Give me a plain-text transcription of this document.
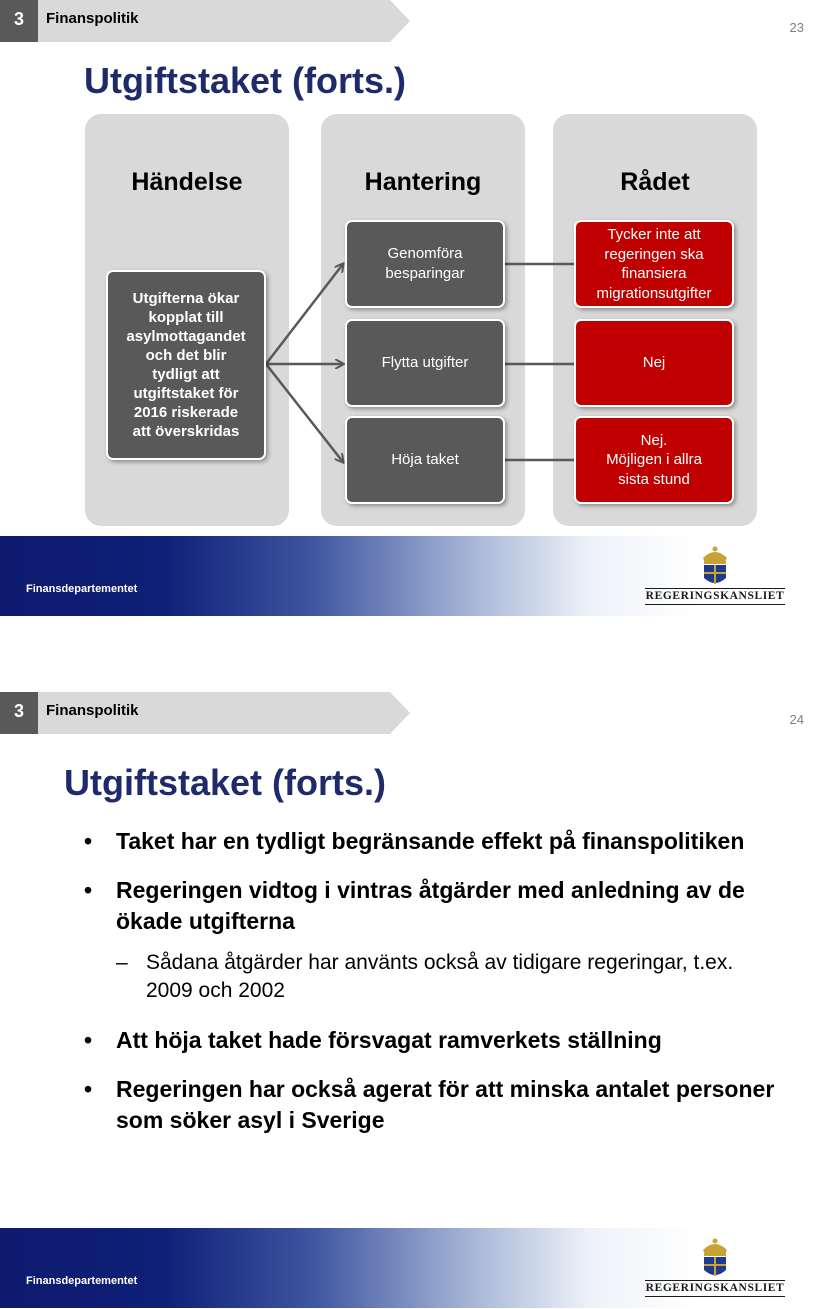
3	Finanspolitik
23
Utgiftstaket (forts.)
Händelse	Hantering	Rådet
Utgifterna ökar
kopplat till
asylmottagandet
och det blir
tydligt att
utgiftstaket för
2016 riskerade
att överskridas
Genomföra
besparingar
Flytta utgifter
Höja taket
Tycker inte att
regeringen ska
finansiera
migrationsutgifter
Nej
Nej.
Möjligen i allra
sista stund
Finansdepartementet
REGERINGSKANSLIET
3	Finanspolitik
24
Utgiftstaket (forts.)
• Taket har en tydligt begränsande effekt på finanspolitiken
• Regeringen vidtog i vintras åtgärder med anledning av de ökade utgifterna
– Sådana åtgärder har använts också av tidigare regeringar, t.ex. 2009 och 2002
• Att höja taket hade försvagat ramverkets ställning
• Regeringen har också agerat för att minska antalet personer som söker asyl i Sverige
Finansdepartementet
REGERINGSKANSLIET
